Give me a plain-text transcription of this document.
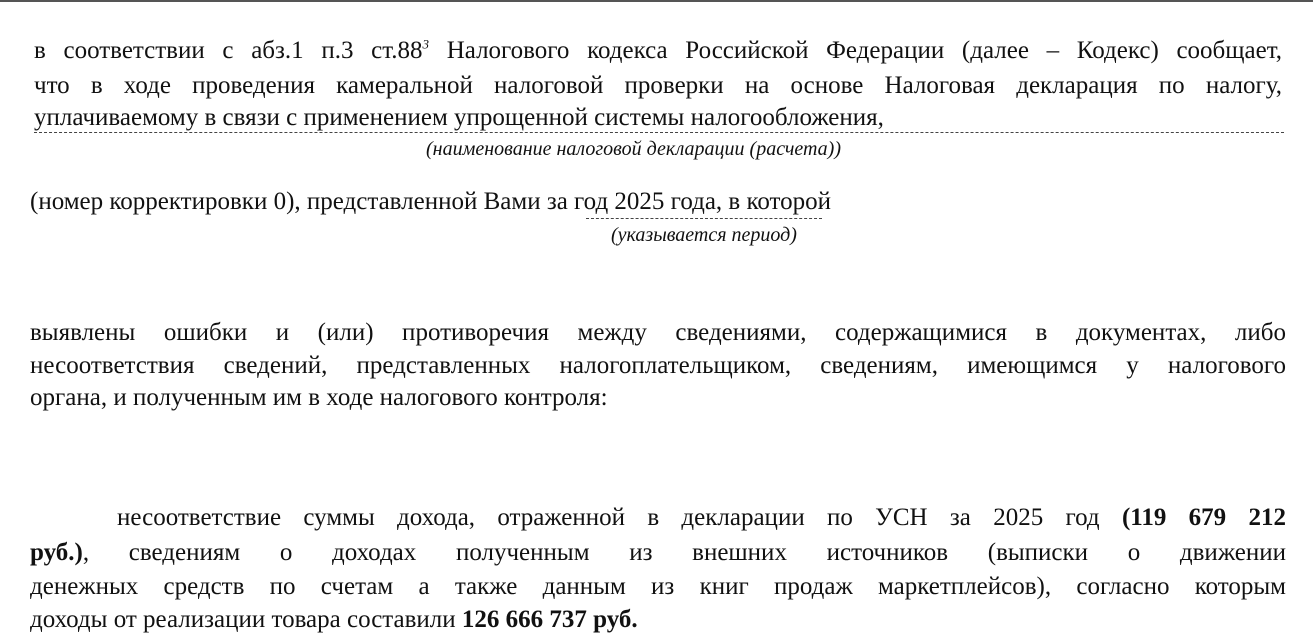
в соответствии с абз.1 п.3 $ст.88^3$ Налогового кодекса Российской Федерации (далее – Кодекс) сообщает,
что в ходе проведения камеральной налоговой проверки на основе Налоговая декларация по налогу,
уплачиваемому в связи с применением упрощенной системы налогообложения,
(наименование налоговой декларации (расчета))
(номер корректировки 0), представленной Вами за год 2025 года, в которой
(указывается период)
выявлены ошибки и (или) противоречия между сведениями, содержащимися в документах, либо
несоответствия сведений, представленных налогоплательщиком, сведениям, имеющимся у налогового
органа, и полученным им в ходе налогового контроля:
несоответствие суммы дохода, отраженной в декларации по УСН за 2025 год (119 679 212
руб.), сведениям о доходах полученным из внешних источников (выписки о движении
денежных средств по счетам а также данным из книг продаж маркетплейсов), согласно которым
доходы от реализации товара составили 126 666 737 руб.
